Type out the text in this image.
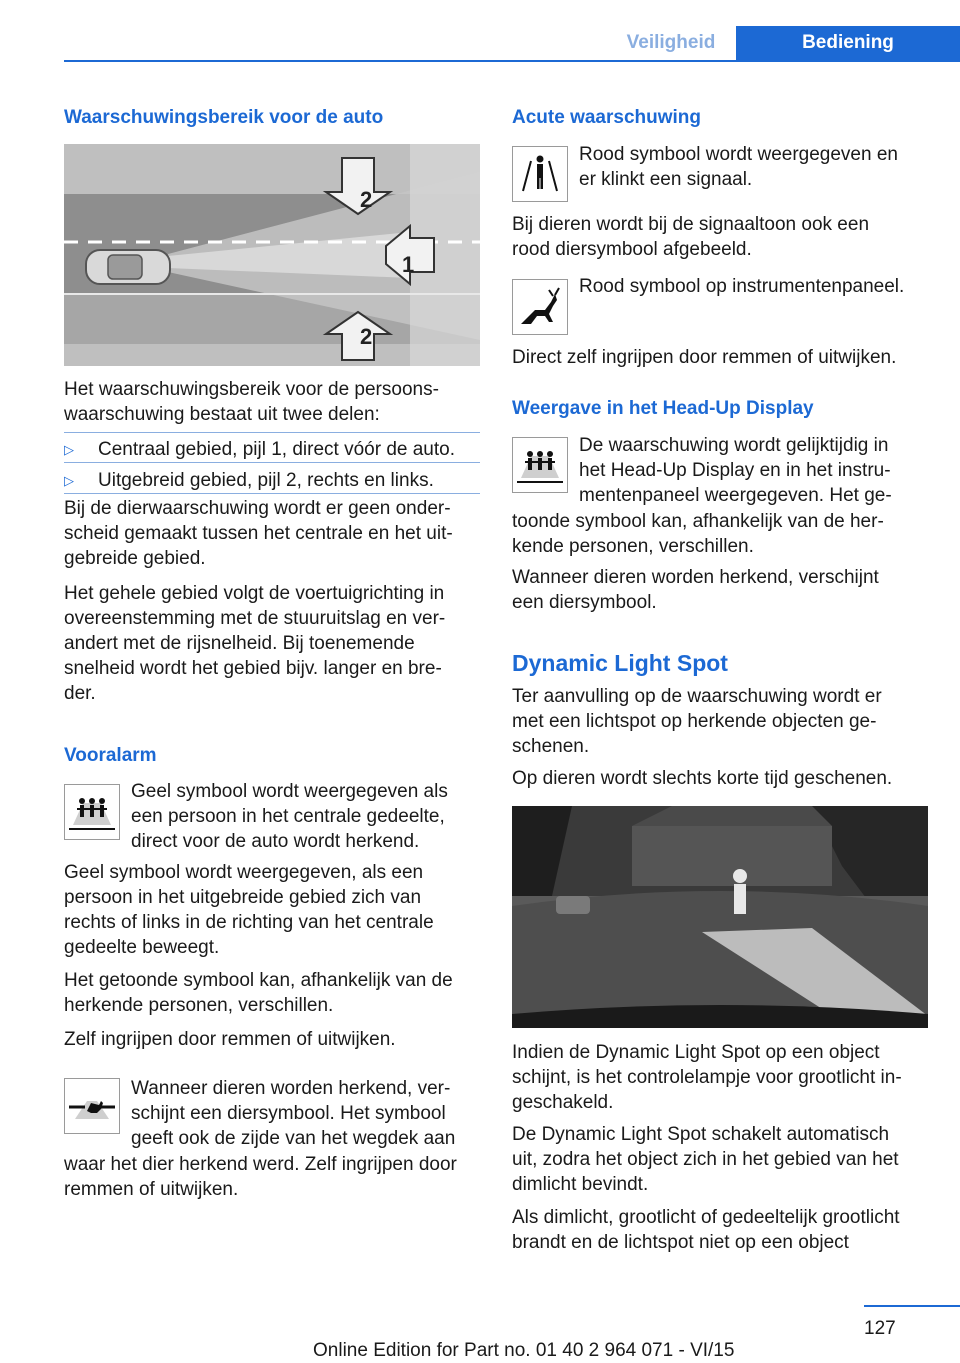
Veiligheid	Bediening
Waarschuwingsbereik voor de auto
2
1
2

Het waarschuwingsbereik voor de persoons-

waarschuwing bestaat uit twee delen:

▷ Centraal gebied, pijl 1, direct vóór de auto.
▷ Uitgebreid gebied, pijl 2, rechts en links.

Bij de dierwaarschuwing wordt er geen onder-

scheid gemaakt tussen het centrale en het uit-

gebreide gebied.

Het gehele gebied volgt de voertuigrichting in

overeenstemming met de stuuruitslag en ver-

andert met de rijsnelheid. Bij toenemende

snelheid wordt het gebied bijv. langer en bre-

der.

Vooralarm

Geel symbool wordt weergegeven als

een persoon in het centrale gedeelte,

direct voor de auto wordt herkend.

Geel symbool wordt weergegeven, als een

persoon in het uitgebreide gebied zich van

rechts of links in de richting van het centrale

gedeelte beweegt.

Het getoonde symbool kan, afhankelijk van de

herkende personen, verschillen.

Zelf ingrijpen door remmen of uitwijken.

Wanneer dieren worden herkend, ver-

schijnt een diersymbool. Het symbool

geeft ook de zijde van het wegdek aan

waar het dier herkend werd. Zelf ingrijpen door

remmen of uitwijken.

Acute waarschuwing

Rood symbool wordt weergegeven en

er klinkt een signaal.

Bij dieren wordt bij de signaaltoon ook een

rood diersymbool afgebeeld.

Rood symbool op instrumentenpaneel.
Direct zelf ingrijpen door remmen of uitwijken.
Weergave in het Head-Up Display

De waarschuwing wordt gelijktijdig in

het Head-Up Display en in het instru-

mentenpaneel weergegeven. Het ge-

toonde symbool kan, afhankelijk van de her-

kende personen, verschillen.

Wanneer dieren worden herkend, verschijnt

een diersymbool.

Dynamic Light Spot

Ter aanvulling op de waarschuwing wordt er

met een lichtspot op herkende objecten ge-

schenen.

Op dieren wordt slechts korte tijd geschenen.

Indien de Dynamic Light Spot op een object

schijnt, is het controlelampje voor grootlicht in-

geschakeld.

De Dynamic Light Spot schakelt automatisch

uit, zodra het object zich in het gebied van het

dimlicht bevindt.

Als dimlicht, grootlicht of gedeeltelijk grootlicht

brandt en de lichtspot niet op een object

127
Online Edition for Part no. 01 40 2 964 071 - VI/15
